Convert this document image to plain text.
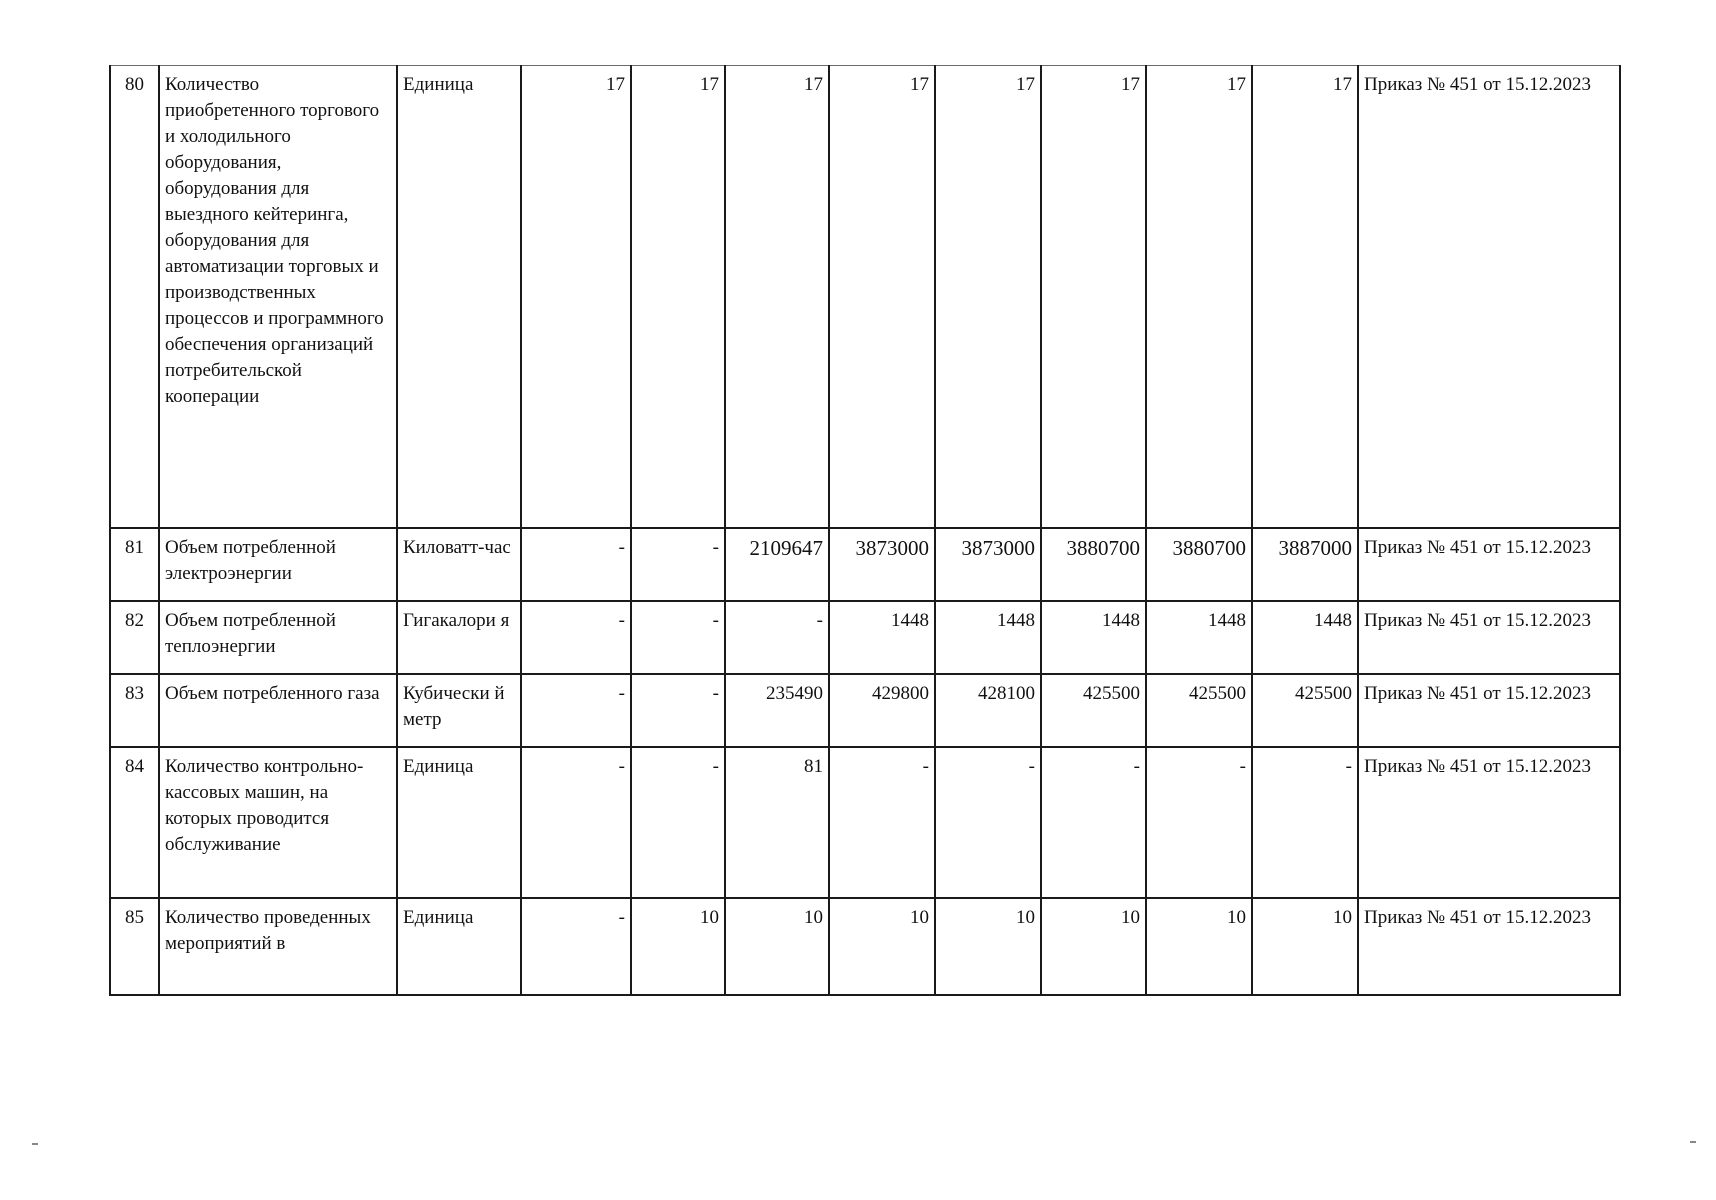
80	Количество приобретенного торгового и холодильного оборудования, оборудования для выездного кейтеринга, оборудования для автоматизации торговых и производственных процессов и программного обеспечения организаций потребительской кооперации	Единица	17	17	17	17	17	17	17	17	Приказ № 451 от 15.12.2023
81	Объем потребленной электроэнергии	Киловатт-час	-	-	2109647	3873000	3873000	3880700	3880700	3887000	Приказ № 451 от 15.12.2023
82	Объем потребленной теплоэнергии	Гигакалори я	-	-	-	1448	1448	1448	1448	1448	Приказ № 451 от 15.12.2023
83	Объем потребленного газа	Кубически й метр	-	-	235490	429800	428100	425500	425500	425500	Приказ № 451 от 15.12.2023
84	Количество контрольно-кассовых машин, на которых проводится обслуживание	Единица	-	-	81	-	-	-	-	-	Приказ № 451 от 15.12.2023
85	Количество проведенных мероприятий в	Единица	-	10	10	10	10	10	10	10	Приказ № 451 от 15.12.2023
